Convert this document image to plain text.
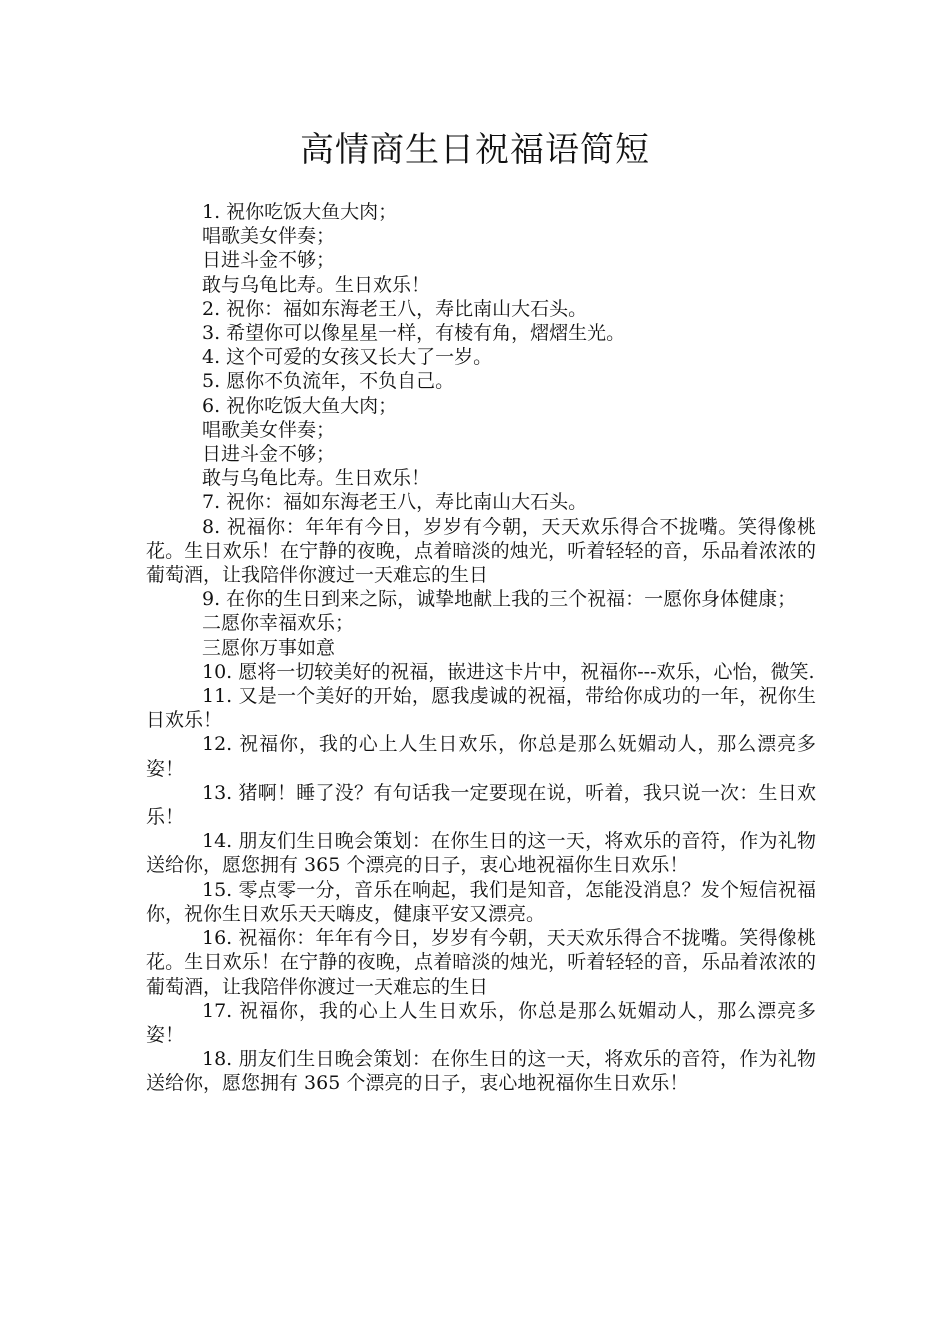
高情商生日祝福语简短

1. 祝你吃饭大鱼大肉；

唱歌美女伴奏；

日进斗金不够；

敢与乌龟比寿。生日欢乐！

2. 祝你：福如东海老王八，寿比南山大石头。

3. 希望你可以像星星一样，有棱有角，熠熠生光。

4. 这个可爱的女孩又长大了一岁。

5. 愿你不负流年，不负自己。

6. 祝你吃饭大鱼大肉；

唱歌美女伴奏；

日进斗金不够；

敢与乌龟比寿。生日欢乐！

7. 祝你：福如东海老王八，寿比南山大石头。

8. 祝福你：年年有今日，岁岁有今朝，天天欢乐得合不拢嘴。笑得像桃花。生日欢乐！在宁静的夜晚，点着暗淡的烛光，听着轻轻的音，乐品着浓浓的葡萄酒，让我陪伴你渡过一天难忘的生日

9. 在你的生日到来之际，诚挚地献上我的三个祝福：一愿你身体健康；

二愿你幸福欢乐；

三愿你万事如意

10. 愿将一切较美好的祝福，嵌进这卡片中，祝福你---欢乐，心怡，微笑.

11. 又是一个美好的开始，愿我虔诚的祝福，带给你成功的一年，祝你生日欢乐！

12. 祝福你，我的心上人生日欢乐，你总是那么妩媚动人，那么漂亮多姿！

13. 猪啊！睡了没？有句话我一定要现在说，听着，我只说一次：生日欢乐！

14. 朋友们生日晚会策划：在你生日的这一天，将欢乐的音符，作为礼物送给你，愿您拥有 365 个漂亮的日子，衷心地祝福你生日欢乐！

15. 零点零一分，音乐在响起，我们是知音，怎能没消息？发个短信祝福你，祝你生日欢乐天天嗨皮，健康平安又漂亮。

16. 祝福你：年年有今日，岁岁有今朝，天天欢乐得合不拢嘴。笑得像桃花。生日欢乐！在宁静的夜晚，点着暗淡的烛光，听着轻轻的音，乐品着浓浓的葡萄酒，让我陪伴你渡过一天难忘的生日

17. 祝福你，我的心上人生日欢乐，你总是那么妩媚动人，那么漂亮多姿！

18. 朋友们生日晚会策划：在你生日的这一天，将欢乐的音符，作为礼物送给你，愿您拥有 365 个漂亮的日子，衷心地祝福你生日欢乐！
